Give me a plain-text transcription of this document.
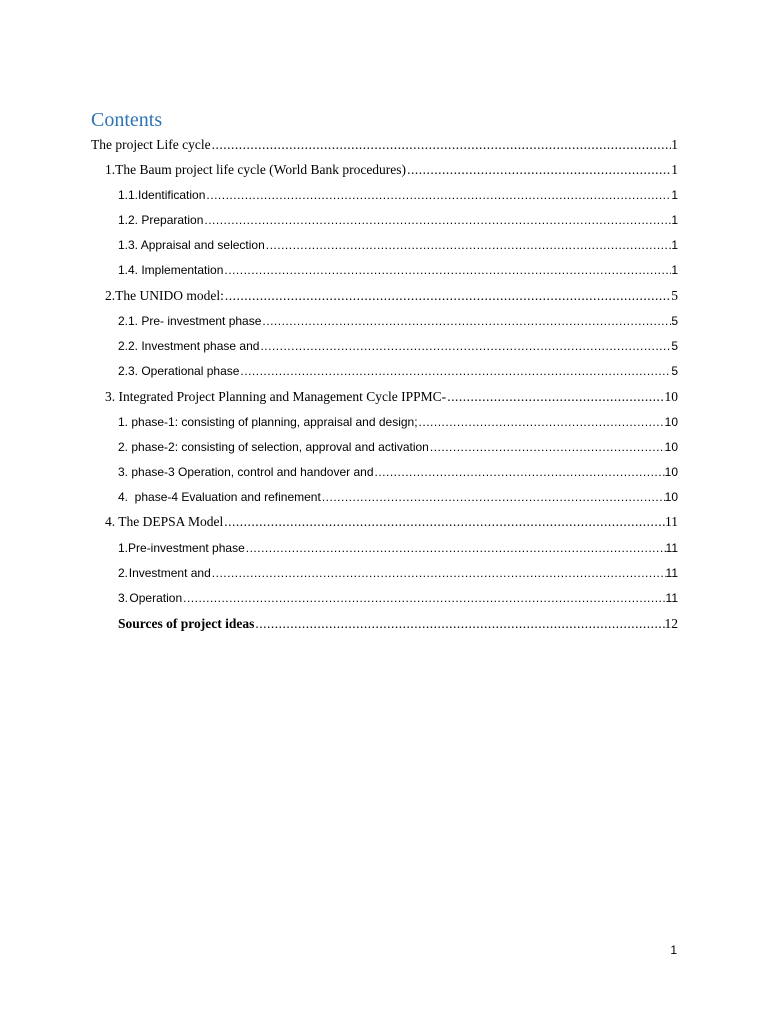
Contents
The project Life cycle .....	1
1. The Baum project life cycle (World Bank procedures) .....	1
1.1. Identification .....	1
1.2. Preparation .....	1
1.3. Appraisal and selection .....	1
1.4. Implementation .....	1
2. The UNIDO model: .....	5
2.1. Pre- investment phase .....	5
2.2. Investment phase and .....	5
2.3. Operational phase .....	5
3. Integrated Project Planning and Management Cycle IPPMC- .....	10
1. phase-1: consisting of planning, appraisal and design; .....	10
2. phase-2: consisting of selection, approval and activation .....	10
3. phase-3 Operation, control and handover and .....	10
4.  phase-4 Evaluation and refinement .....	10
4. The DEPSA Model .....	11
1. Pre-investment phase .....	11
2. Investment and .....	11
3. Operation .....	11
Sources of project ideas .....	12
1
